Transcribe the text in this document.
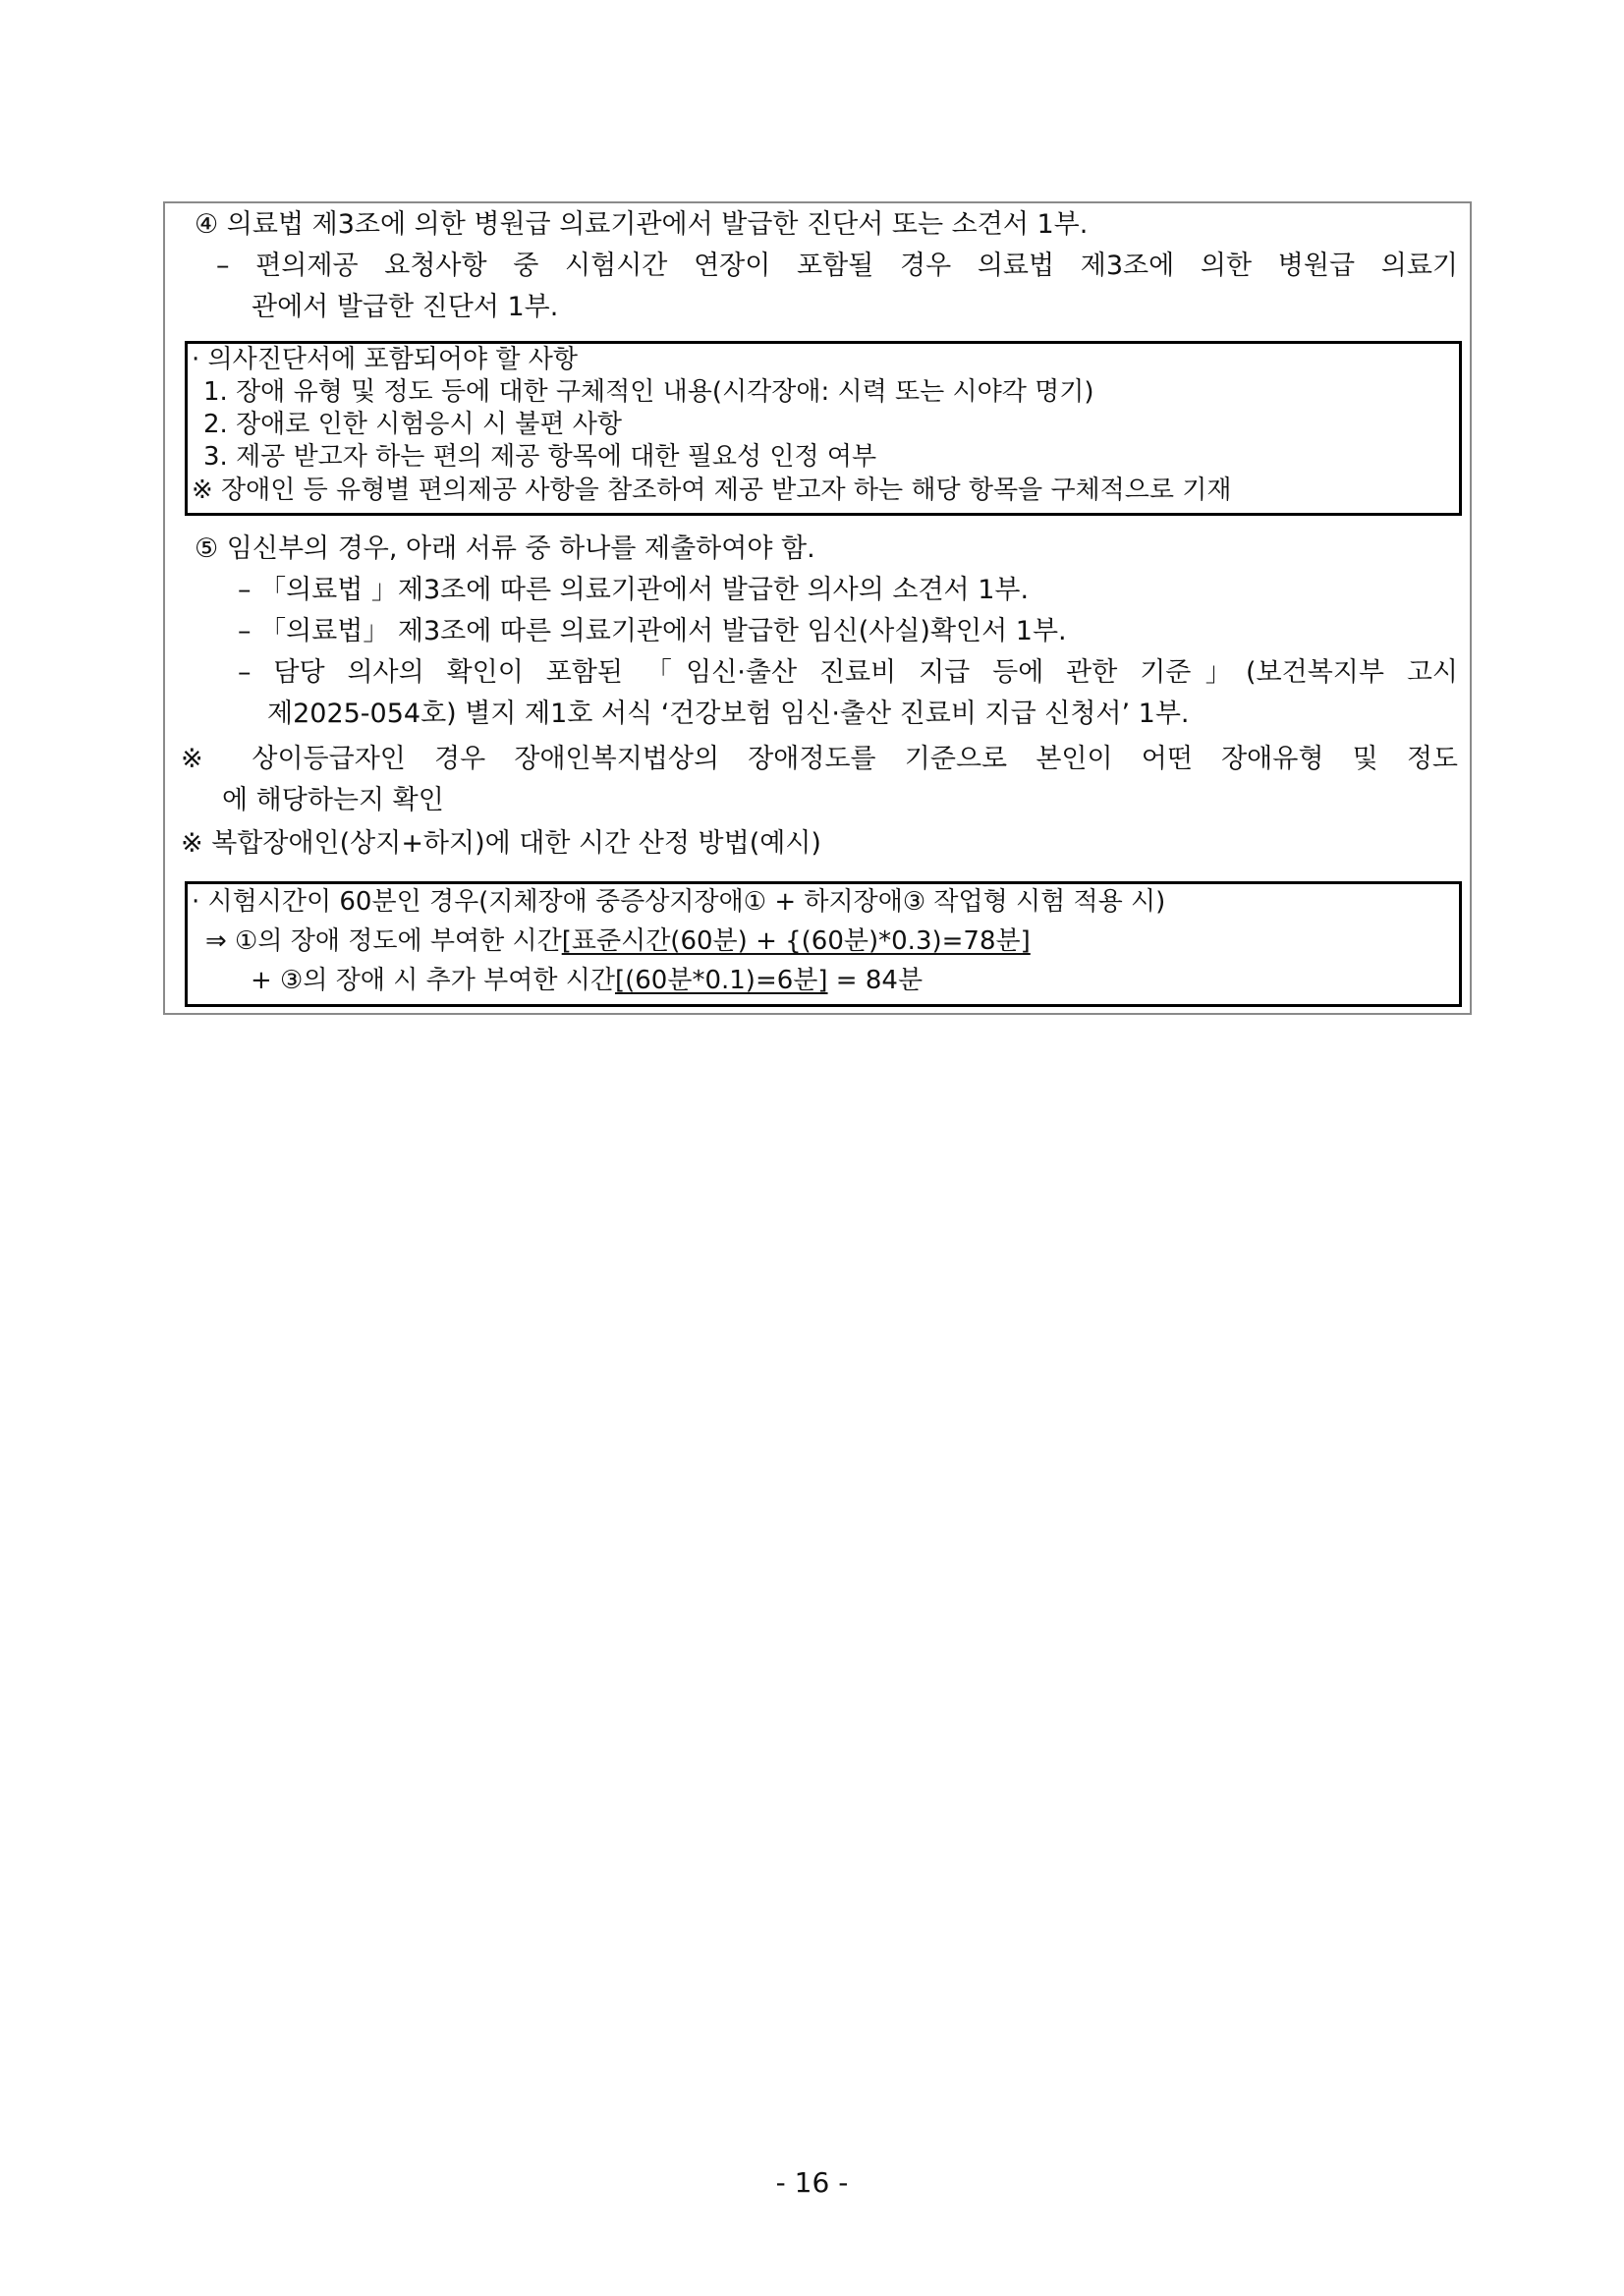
④ 의료법 제3조에 의한 병원급 의료기관에서 발급한 진단서 또는 소견서 1부.
– 편의제공 요청사항 중 시험시간 연장이 포함될 경우 의료법 제3조에 의한 병원급 의료기
관에서 발급한 진단서 1부.
· 의사진단서에 포함되어야 할 사항
1. 장애 유형 및 정도 등에 대한 구체적인 내용(시각장애: 시력 또는 시야각 명기)
2. 장애로 인한 시험응시 시 불편 사항
3. 제공 받고자 하는 편의 제공 항목에 대한 필요성 인정 여부
※ 장애인 등 유형별 편의제공 사항을 참조하여 제공 받고자 하는 해당 항목을 구체적으로 기재
⑤ 임신부의 경우, 아래 서류 중 하나를 제출하여야 함.
– 「의료법 」제3조에 따른 의료기관에서 발급한 의사의 소견서 1부.
– 「의료법」 제3조에 따른 의료기관에서 발급한 임신(사실)확인서 1부.
– 담당 의사의 확인이 포함된 「임신·출산 진료비 지급 등에 관한 기준」(보건복지부 고시
제2025-054호) 별지 제1호 서식 ‘건강보험 임신·출산 진료비 지급 신청서’ 1부.
※ 상이등급자인 경우 장애인복지법상의 장애정도를 기준으로 본인이 어떤 장애유형 및 정도
에 해당하는지 확인
※ 복합장애인(상지+하지)에 대한 시간 산정 방법(예시)
· 시험시간이 60분인 경우(지체장애 중증상지장애① + 하지장애③ 작업형 시험 적용 시)
⇒ ①의 장애 정도에 부여한 시간[표준시간(60분) + {(60분)*0.3)=78분]
+ ③의 장애 시 추가 부여한 시간[(60분*0.1)=6분] = 84분
- 16 -
